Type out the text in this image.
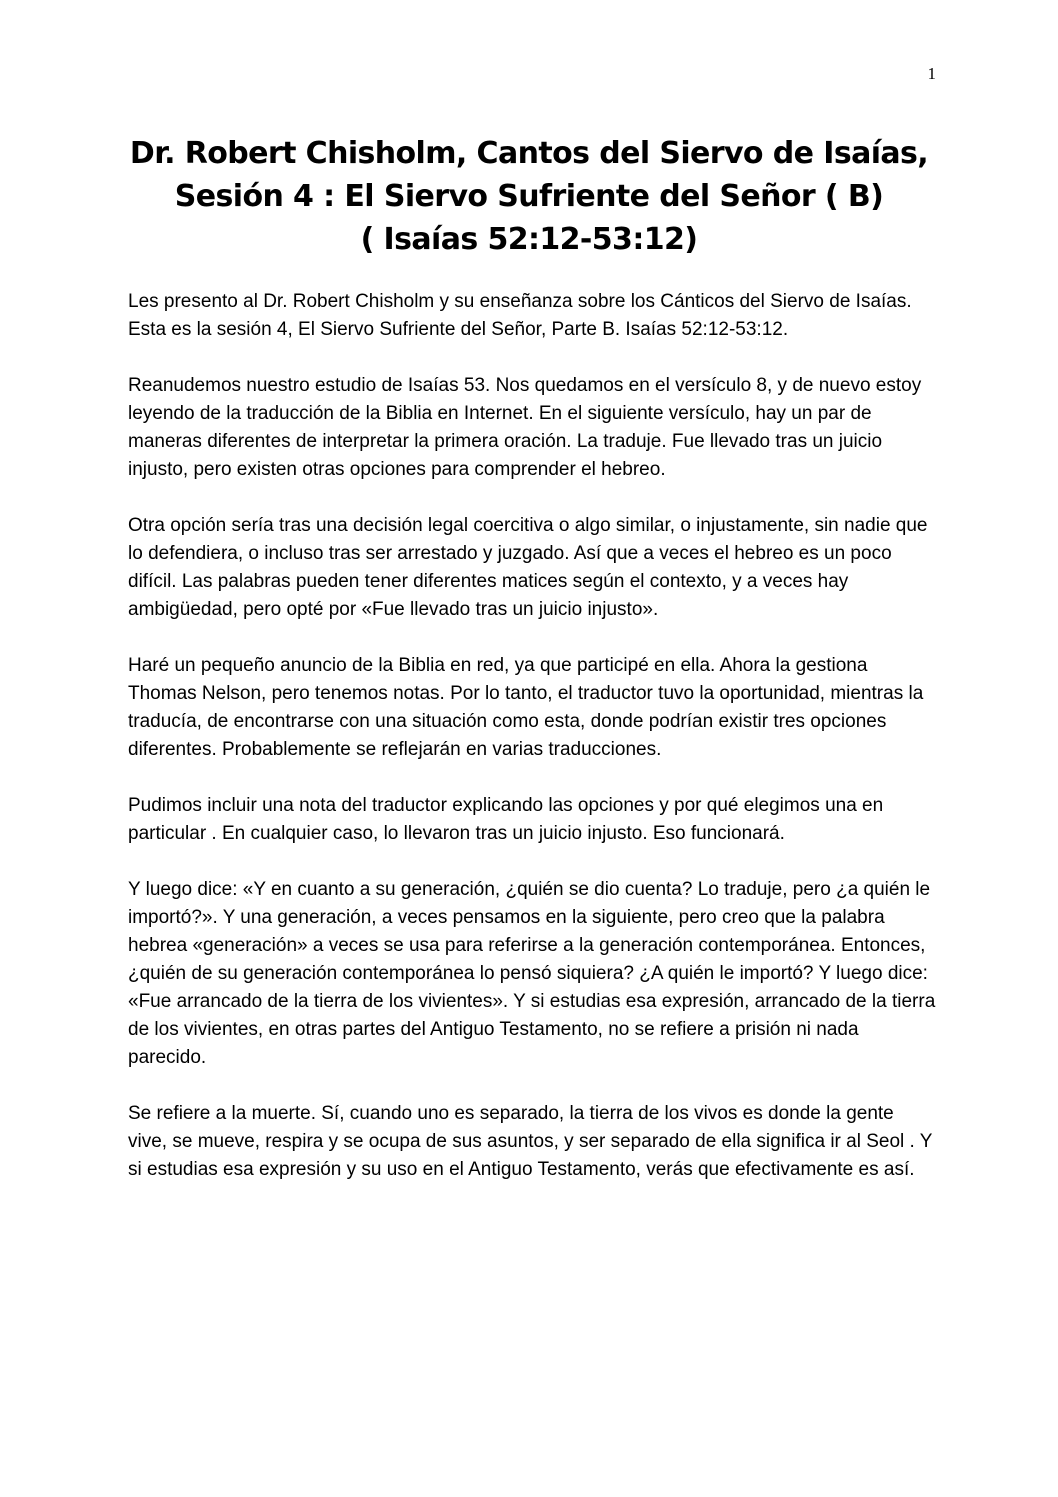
1
Dr. Robert Chisholm, Cantos del Siervo de Isaías,
Sesión 4 : El Siervo Sufriente del Señor ( B)
( Isaías 52:12-53:12)

Les presento al Dr. Robert Chisholm y su enseñanza sobre los Cánticos del Siervo de Isaías. Esta es la sesión 4, El Siervo Sufriente del Señor, Parte B. Isaías 52:12-53:12.

Reanudemos nuestro estudio de Isaías 53. Nos quedamos en el versículo 8, y de nuevo estoy leyendo de la traducción de la Biblia en Internet. En el siguiente versículo, hay un par de maneras diferentes de interpretar la primera oración. La traduje. Fue llevado tras un juicio injusto, pero existen otras opciones para comprender el hebreo.

Otra opción sería tras una decisión legal coercitiva o algo similar, o injustamente, sin nadie que lo defendiera, o incluso tras ser arrestado y juzgado. Así que a veces el hebreo es un poco difícil. Las palabras pueden tener diferentes matices según el contexto, y a veces hay ambigüedad, pero opté por «Fue llevado tras un juicio injusto».

Haré un pequeño anuncio de la Biblia en red, ya que participé en ella. Ahora la gestiona Thomas Nelson, pero tenemos notas. Por lo tanto, el traductor tuvo la oportunidad, mientras la traducía, de encontrarse con una situación como esta, donde podrían existir tres opciones diferentes. Probablemente se reflejarán en varias traducciones.

Pudimos incluir una nota del traductor explicando las opciones y por qué elegimos una en particular . En cualquier caso, lo llevaron tras un juicio injusto. Eso funcionará.

Y luego dice: «Y en cuanto a su generación, ¿quién se dio cuenta? Lo traduje, pero ¿a quién le importó?». Y una generación, a veces pensamos en la siguiente, pero creo que la palabra hebrea «generación» a veces se usa para referirse a la generación contemporánea. Entonces, ¿quién de su generación contemporánea lo pensó siquiera? ¿A quién le importó? Y luego dice: «Fue arrancado de la tierra de los vivientes». Y si estudias esa expresión, arrancado de la tierra de los vivientes, en otras partes del Antiguo Testamento, no se refiere a prisión ni nada parecido.

Se refiere a la muerte. Sí, cuando uno es separado, la tierra de los vivos es donde la gente vive, se mueve, respira y se ocupa de sus asuntos, y ser separado de ella significa ir al Seol . Y si estudias esa expresión y su uso en el Antiguo Testamento, verás que efectivamente es así.
